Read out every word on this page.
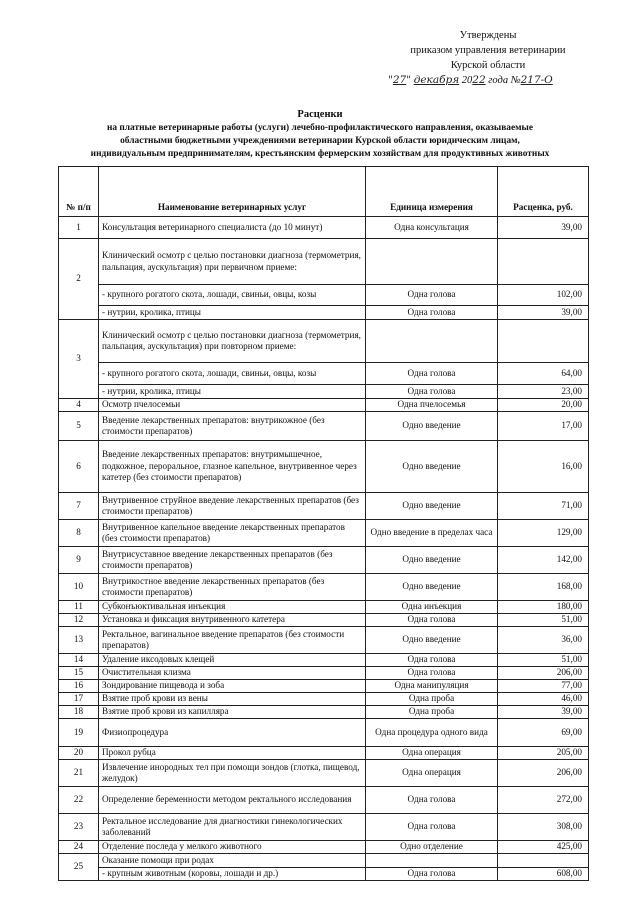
Утверждены
приказом управления ветеринарии
Курской области
"27" декабря 2022 года №217-О
Расценки
на платные ветеринарные работы (услуги) лечебно-профилактического направления, оказываемые
областными бюджетными учреждениями ветеринарии Курской области юридическим лицам,
индивидуальным предпринимателям, крестьянским фермерским хозяйствам для продуктивных животных
№ п/п	Наименование ветеринарных услуг	Единица измерения	Расценка, руб.
1	Консультация ветеринарного специалиста (до 10 минут)	Одна консультация	39,00
2	Клинический осмотр с целью постановки диагноза (термометрия, пальпация, аускультация) при первичном приеме:		
	- крупного рогатого скота, лошади, свиньи, овцы, козы	Одна голова	102,00
	- нутрии, кролика, птицы	Одна голова	39,00
3	Клинический осмотр с целью постановки диагноза (термометрия, пальпация, аускультация) при повторном приеме:		
	- крупного рогатого скота, лошади, свиньи, овцы, козы	Одна голова	64,00
	- нутрии, кролика, птицы	Одна голова	23,00
4	Осмотр пчелосемьи	Одна пчелосемья	20,00
5	Введение лекарственных препаратов: внутрикожное (без стоимости препаратов)	Одно введение	17,00
6	Введение лекарственных препаратов: внутримышечное, подкожное, пероральное, глазное капельное, внутривенное через катетер (без стоимости препаратов)	Одно введение	16,00
7	Внутривенное струйное введение лекарственных препаратов (без стоимости препаратов)	Одно введение	71,00
8	Внутривенное капельное введение лекарственных препаратов (без стоимости препаратов)	Одно введение в пределах часа	129,00
9	Внутрисуставное введение лекарственных препаратов (без стоимости препаратов)	Одно введение	142,00
10	Внутрикостное введение лекарственных препаратов (без стоимости препаратов)	Одно введение	168,00
11	Субконъюктивальная инъекция	Одна инъекция	180,00
12	Установка и фиксация внутривенного катетера	Одна голова	51,00
13	Ректальное, вагинальное введение препаратов (без стоимости препаратов)	Одно введение	36,00
14	Удаление иксодовых клещей	Одна голова	51,00
15	Очистительная клизма	Одна голова	206,00
16	Зондирование пищевода и зоба	Одна манипуляция	77,00
17	Взятие проб крови из вены	Одна проба	46,00
18	Взятие проб крови из капилляра	Одна проба	39,00
19	Физиопроцедура	Одна процедура одного вида	69,00
20	Прокол рубца	Одна операция	205,00
21	Извлечение инородных тел при помощи зондов (глотка, пищевод, желудок)	Одна операция	206,00
22	Определение беременности методом ректального исследования	Одна голова	272,00
23	Ректальное исследование для диагностики гинекологических заболеваний	Одна голова	308,00
24	Отделение последа у мелкого животного	Одно отделение	425,00
25	Оказание помощи при родах		
	- крупным животным (коровы, лошади и др.)	Одна голова	608,00
